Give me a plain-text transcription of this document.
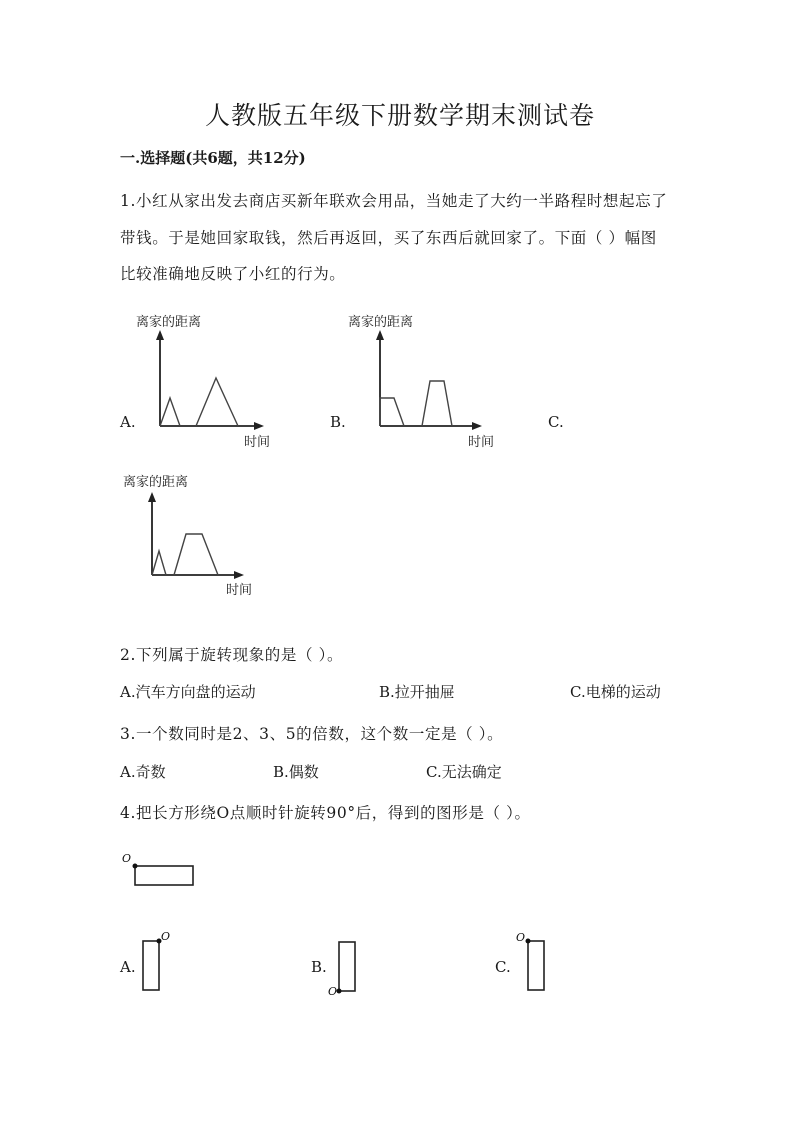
人教版五年级下册数学期末测试卷
一.选择题(共6题，共12分)
1.小红从家出发去商店买新年联欢会用品，当她走了大约一半路程时想起忘了
带钱。于是她回家取钱，然后再返回，买了东西后就回家了。下面（ ）幅图
比较准确地反映了小红的行为。
A.	B.	C.
离家的距离
时间
离家的距离
时间
离家的距离
时间
2.下列属于旋转现象的是（ ）。
A.汽车方向盘的运动	B.拉开抽屉	C.电梯的运动
3.一个数同时是2、3、5的倍数，这个数一定是（ ）。
A.奇数	B.偶数	C.无法确定
4.把长方形绕O点顺时针旋转90°后，得到的图形是（ ）。
O
A.
O
B.
O
C.
O
